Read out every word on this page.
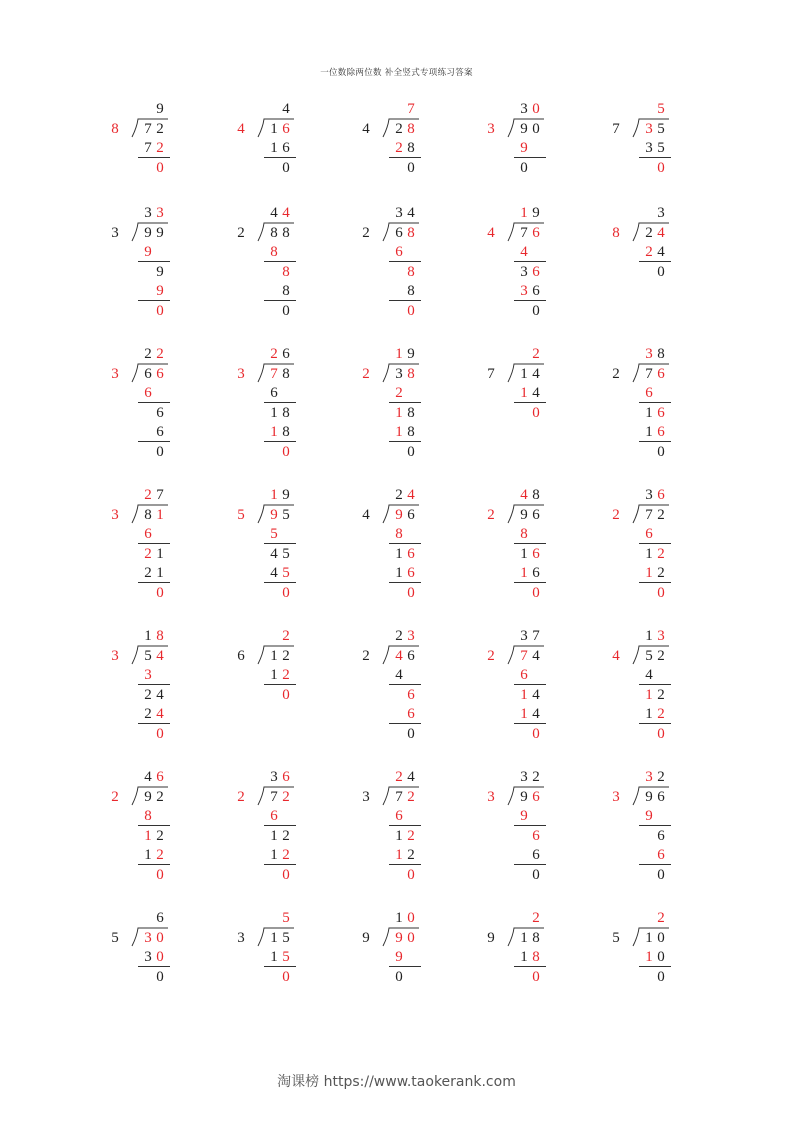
一位数除两位数 补全竖式专项练习答案
9
7 2
7 2
0
8
4
1 6
1 6
0
4
7
2 8
2 8
0
4
3 0
9 0
9
0
3
5
3 5
3 5
0
7
3 3
9 9
9
9
9
0
3
4 4
8 8
8
8
8
0
2
3 4
6 8
6
8
8
0
2
1 9
7 6
4
3 6
3 6
0
4
3
2 4
2 4
0
8
2 2
6 6
6
6
6
0
3
2 6
7 8
6
1 8
1 8
0
3
1 9
3 8
2
1 8
1 8
0
2
2
1 4
1 4
0
7
3 8
7 6
6
1 6
1 6
0
2
2 7
8 1
6
2 1
2 1
0
3
1 9
9 5
5
4 5
4 5
0
5
2 4
9 6
8
1 6
1 6
0
4
4 8
9 6
8
1 6
1 6
0
2
3 6
7 2
6
1 2
1 2
0
2
1 8
5 4
3
2 4
2 4
0
3
2
1 2
1 2
0
6
2 3
4 6
4
6
6
0
2
3 7
7 4
6
1 4
1 4
0
2
1 3
5 2
4
1 2
1 2
0
4
4 6
9 2
8
1 2
1 2
0
2
3 6
7 2
6
1 2
1 2
0
2
2 4
7 2
6
1 2
1 2
0
3
3 2
9 6
9
6
6
0
3
3 2
9 6
9
6
6
0
3
6
3 0
3 0
0
5
5
1 5
1 5
0
3
1 0
9 0
9
0
9
2
1 8
1 8
0
9
2
1 0
1 0
0
5
淘课榜 https://www.taokerank.com
